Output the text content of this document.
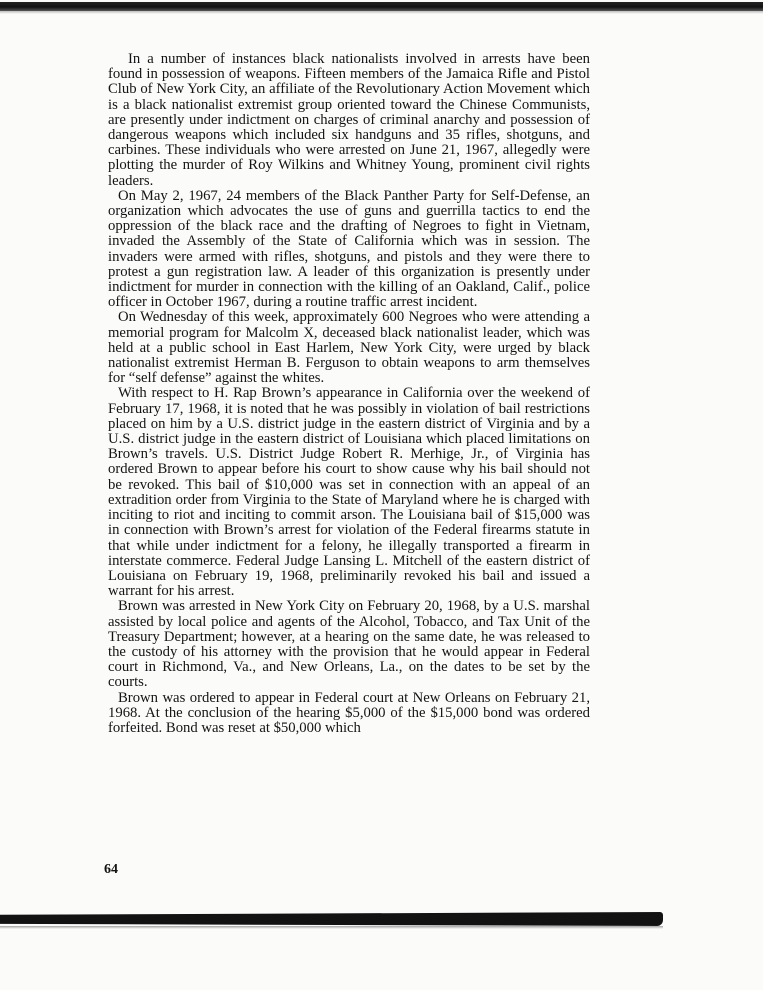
In a number of instances black nationalists involved in arrests have been found in possession of weapons. Fifteen members of the Jamaica Rifle and Pistol Club of New York City, an affiliate of the Revolutionary Action Movement which is a black nationalist extremist group oriented toward the Chinese Communists, are presently under indictment on charges of criminal anarchy and possession of dangerous weapons which included six handguns and 35 rifles, shotguns, and carbines. These individuals who were arrested on June 21, 1967, allegedly were plotting the murder of Roy Wilkins and Whitney Young, prominent civil rights leaders.

On May 2, 1967, 24 members of the Black Panther Party for Self-Defense, an organization which advocates the use of guns and guerrilla tactics to end the oppression of the black race and the drafting of Negroes to fight in Vietnam, invaded the Assembly of the State of California which was in session. The invaders were armed with rifles, shotguns, and pistols and they were there to protest a gun registration law. A leader of this organization is presently under indictment for murder in connection with the killing of an Oakland, Calif., police officer in October 1967, during a routine traffic arrest incident.

On Wednesday of this week, approximately 600 Negroes who were attending a memorial program for Malcolm X, deceased black nationalist leader, which was held at a public school in East Harlem, New York City, were urged by black nationalist extremist Herman B. Ferguson to obtain weapons to arm themselves for “self defense” against the whites.

With respect to H. Rap Brown’s appearance in California over the weekend of February 17, 1968, it is noted that he was possibly in violation of bail restrictions placed on him by a U.S. district judge in the eastern district of Virginia and by a U.S. district judge in the eastern district of Louisiana which placed limitations on Brown’s travels. U.S. District Judge Robert R. Merhige, Jr., of Virginia has ordered Brown to appear before his court to show cause why his bail should not be revoked. This bail of $10,000 was set in connection with an appeal of an extradition order from Virginia to the State of Maryland where he is charged with inciting to riot and inciting to commit arson. The Louisiana bail of $15,000 was in connection with Brown’s arrest for violation of the Federal firearms statute in that while under indictment for a felony, he illegally transported a firearm in interstate commerce. Federal Judge Lansing L. Mitchell of the eastern district of Louisiana on February 19, 1968, preliminarily revoked his bail and issued a warrant for his arrest.

Brown was arrested in New York City on February 20, 1968, by a U.S. marshal assisted by local police and agents of the Alcohol, Tobacco, and Tax Unit of the Treasury Department; however, at a hearing on the same date, he was released to the custody of his attorney with the provision that he would appear in Federal court in Richmond, Va., and New Orleans, La., on the dates to be set by the courts.

Brown was ordered to appear in Federal court at New Orleans on February 21, 1968. At the conclusion of the hearing $5,000 of the $15,000 bond was ordered forfeited. Bond was reset at $50,000 which

64
